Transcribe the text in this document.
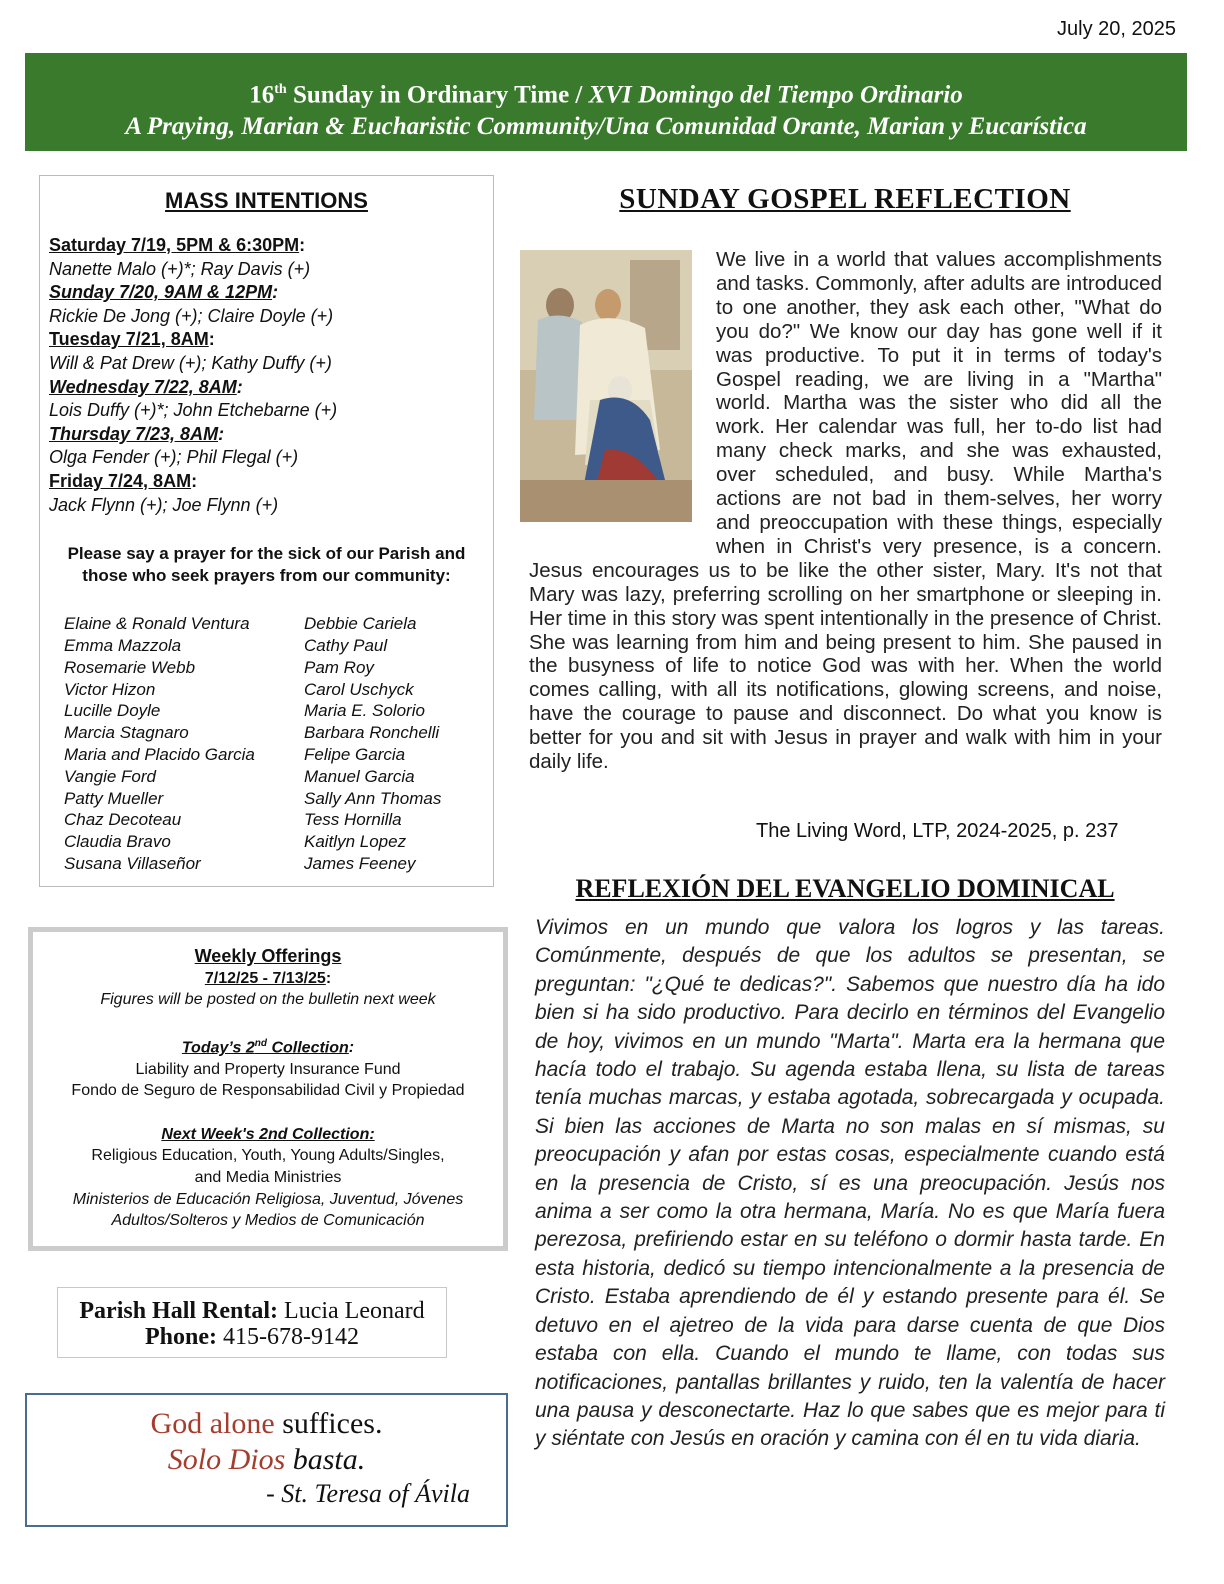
July 20, 2025
16th Sunday in Ordinary Time / XVI Domingo del Tiempo Ordinario
A Praying, Marian & Eucharistic Community/Una Comunidad Orante, Marian y Eucarística
MASS INTENTIONS
Saturday 7/19, 5PM & 6:30PM:
Nanette Malo (+)*; Ray Davis (+)
Sunday 7/20, 9AM & 12PM:
Rickie De Jong (+); Claire Doyle (+)
Tuesday 7/21, 8AM:
Will & Pat Drew (+); Kathy Duffy (+)
Wednesday 7/22, 8AM:
Lois Duffy (+)*; John Etchebarne (+)
Thursday 7/23, 8AM:
Olga Fender (+); Phil Flegal (+)
Friday 7/24, 8AM:
Jack Flynn (+); Joe Flynn (+)
Please say a prayer for the sick of our Parish and those who seek prayers from our community:
Elaine & Ronald Ventura
Emma Mazzola
Rosemarie Webb
Victor Hizon
Lucille Doyle
Marcia Stagnaro
Maria and Placido Garcia
Vangie Ford
Patty Mueller
Chaz Decoteau
Claudia Bravo
Susana Villaseñor
Debbie Cariela
Cathy Paul
Pam Roy
Carol Uschyck
Maria E. Solorio
Barbara Ronchelli
Felipe Garcia
Manuel Garcia
Sally Ann Thomas
Tess Hornilla
Kaitlyn Lopez
James Feeney
Weekly Offerings
7/12/25 - 7/13/25:
Figures will be posted on the bulletin next week
Today’s 2nd Collection:
Liability and Property Insurance Fund
Fondo de Seguro de Responsabilidad Civil y Propiedad
Next Week's 2nd Collection:
Religious Education, Youth, Young Adults/Singles,
and Media Ministries
Ministerios de Educación Religiosa, Juventud, Jóvenes
Adultos/Solteros y Medios de Comunicación
Parish Hall Rental: Lucia Leonard
Phone: 415-678-9142
God alone suffices.
Solo Dios basta.
- St. Teresa of Ávila
SUNDAY GOSPEL REFLECTION
We live in a world that values accomplishments and tasks. Commonly, after adults are introduced to one another, they ask each other, "What do you do?" We know our day has gone well if it was productive. To put it in terms of today's Gospel reading, we are living in a "Martha" world. Martha was the sister who did all the work. Her calendar was full, her to-do list had many check marks, and she was exhausted, over scheduled, and busy. While Martha's actions are not bad in them-selves, her worry and preoccupation with these things, especially when in Christ's very presence, is a concern. Jesus encourages us to be like the other sister, Mary. It's not that Mary was lazy, preferring scrolling on her smartphone or sleeping in. Her time in this story was spent intentionally in the presence of Christ. She was learning from him and being present to him. She paused in the busyness of life to notice God was with her. When the world comes calling, with all its notifications, glowing screens, and noise, have the courage to pause and disconnect. Do what you know is better for you and sit with Jesus in prayer and walk with him in your daily life.
The Living Word, LTP, 2024-2025, p. 237
REFLEXIÓN DEL EVANGELIO DOMINICAL
Vivimos en un mundo que valora los logros y las tareas. Comúnmente, después de que los adultos se presentan, se preguntan: "¿Qué te dedicas?". Sabemos que nuestro día ha ido bien si ha sido productivo. Para decirlo en términos del Evangelio de hoy, vivimos en un mundo "Marta". Marta era la hermana que hacía todo el trabajo. Su agenda estaba llena, su lista de tareas tenía muchas marcas, y estaba agotada, sobrecargada y ocupada. Si bien las acciones de Marta no son malas en sí mismas, su preocupación y afan por estas cosas, especialmente cuando está en la presencia de Cristo, sí es una preocupación. Jesús nos anima a ser como la otra hermana, María. No es que María fuera perezosa, prefiriendo estar en su teléfono o dormir hasta tarde. En esta historia, dedicó su tiempo intencionalmente a la presencia de Cristo. Estaba aprendiendo de él y estando presente para él. Se detuvo en el ajetreo de la vida para darse cuenta de que Dios estaba con ella. Cuando el mundo te llame, con todas sus notificaciones, pantallas brillantes y ruido, ten la valentía de hacer una pausa y desconectarte. Haz lo que sabes que es mejor para ti y siéntate con Jesús en oración y camina con él en tu vida diaria.
